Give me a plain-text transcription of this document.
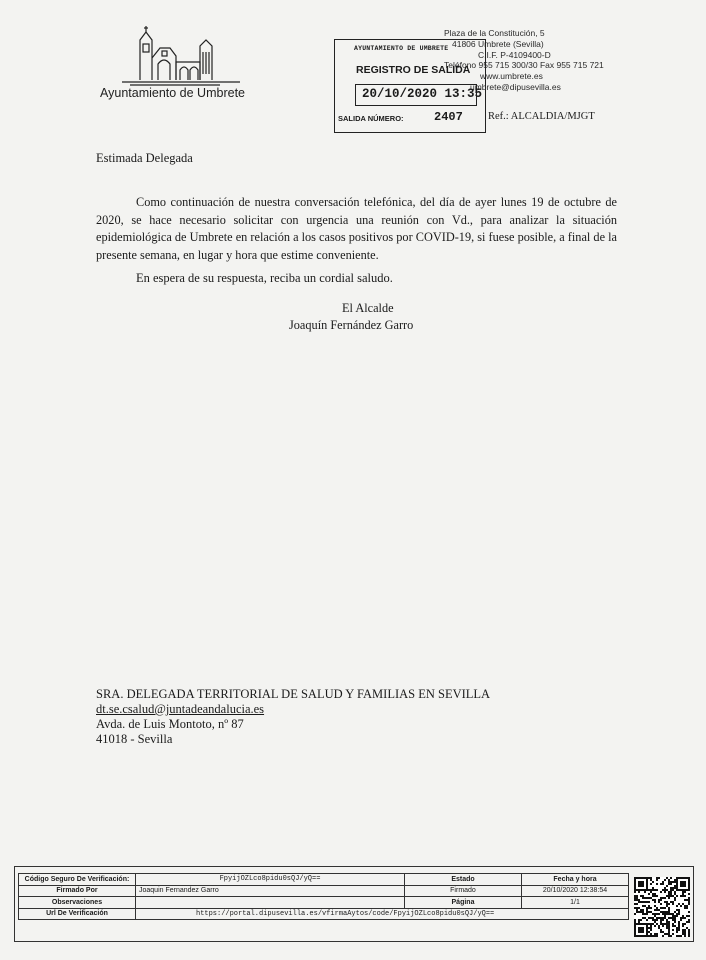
Ayuntamiento de Umbrete
Plaza de la Constitución, 5
41806 Umbrete (Sevilla)
C.I.F. P-4109400-D
Teléfono 955 715 300/30 Fax 955 715 721
www.umbrete.es
umbrete@dipusevilla.es
AYUNTAMIENTO DE UMBRETE
REGISTRO DE SALIDA
20/10/2020 13:35
SALIDA NÚMERO:	2407 Ref.: ALCALDIA/MJGT
Estimada Delegada
Como continuación de nuestra conversación telefónica, del día de ayer lunes 19 de octubre de 2020, se hace necesario solicitar con urgencia una reunión con Vd., para analizar la situación epidemiológica de Umbrete en relación a los casos positivos por COVID-19, si fuese posible, a final de la presente semana, en lugar y hora que estime conveniente.
En espera de su respuesta, reciba un cordial saludo.
El Alcalde
Joaquín Fernández Garro
SRA. DELEGADA TERRITORIAL DE SALUD Y FAMILIAS EN SEVILLA
dt.se.csalud@juntadeandalucia.es
Avda. de Luis Montoto, nº 87
41018 - Sevilla
Código Seguro De Verificación:	FpyijOZLco8pidu0sQJ/yQ==	Estado	Fecha y hora
Firmado Por	Joaquin Fernandez Garro	Firmado	20/10/2020 12:38:54
Observaciones		Página	1/1
Url De Verificación	https://portal.dipusevilla.es/vfirmaAytos/code/FpyijOZLco8pidu0sQJ/yQ==		
